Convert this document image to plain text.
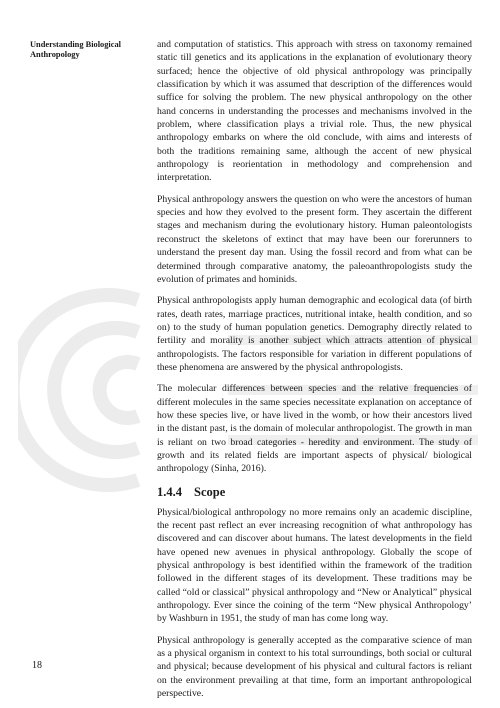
Understanding Biological
Anthropology

and computation of statistics. This approach with stress on taxonomy remained static till genetics and its applications in the explanation of evolutionary theory surfaced; hence the objective of old physical anthropology was principally classification by which it was assumed that description of the differences would suffice for solving the problem. The new physical anthropology on the other hand concerns in understanding the processes and mechanisms involved in the problem, where classification plays a trivial role. Thus, the new physical anthropology embarks on where the old conclude, with aims and interests of both the traditions remaining same, although the accent of new physical anthropology is reorientation in methodology and comprehension and interpretation.

Physical anthropology answers the question on who were the ancestors of human species and how they evolved to the present form. They ascertain the different stages and mechanism during the evolutionary history. Human paleontologists reconstruct the skeletons of extinct that may have been our forerunners to understand the present day man. Using the fossil record and from what can be determined through comparative anatomy, the paleoanthropologists study the evolution of primates and hominids.

Physical anthropologists apply human demographic and ecological data (of birth rates, death rates, marriage practices, nutritional intake, health condition, and so on) to the study of human population genetics. Demography directly related to fertility and morality is another subject which attracts attention of physical anthropologists. The factors responsible for variation in different populations of these phenomena are answered by the physical anthropologists.

The molecular differences between species and the relative frequencies of different molecules in the same species necessitate explanation on acceptance of how these species live, or have lived in the womb, or how their ancestors lived in the distant past, is the domain of molecular anthropologist. The growth in man is reliant on two broad categories - heredity and environment. The study of growth and its related fields are important aspects of physical/ biological anthropology (Sinha, 2016).

1.4.4 Scope

Physical/biological anthropology no more remains only an academic discipline, the recent past reflect an ever increasing recognition of what anthropology has discovered and can discover about humans. The latest developments in the field have opened new avenues in physical anthropology. Globally the scope of physical anthropology is best identified within the framework of the tradition followed in the different stages of its development. These traditions may be called “old or classical” physical anthropology and “New or Analytical” physical anthropology. Ever since the coining of the term “New physical Anthropology’ by Washburn in 1951, the study of man has come long way.

Physical anthropology is generally accepted as the comparative science of man as a physical organism in context to his total surroundings, both social or cultural and physical; because development of his physical and cultural factors is reliant on the environment prevailing at that time, form an important anthropological perspective.

18
